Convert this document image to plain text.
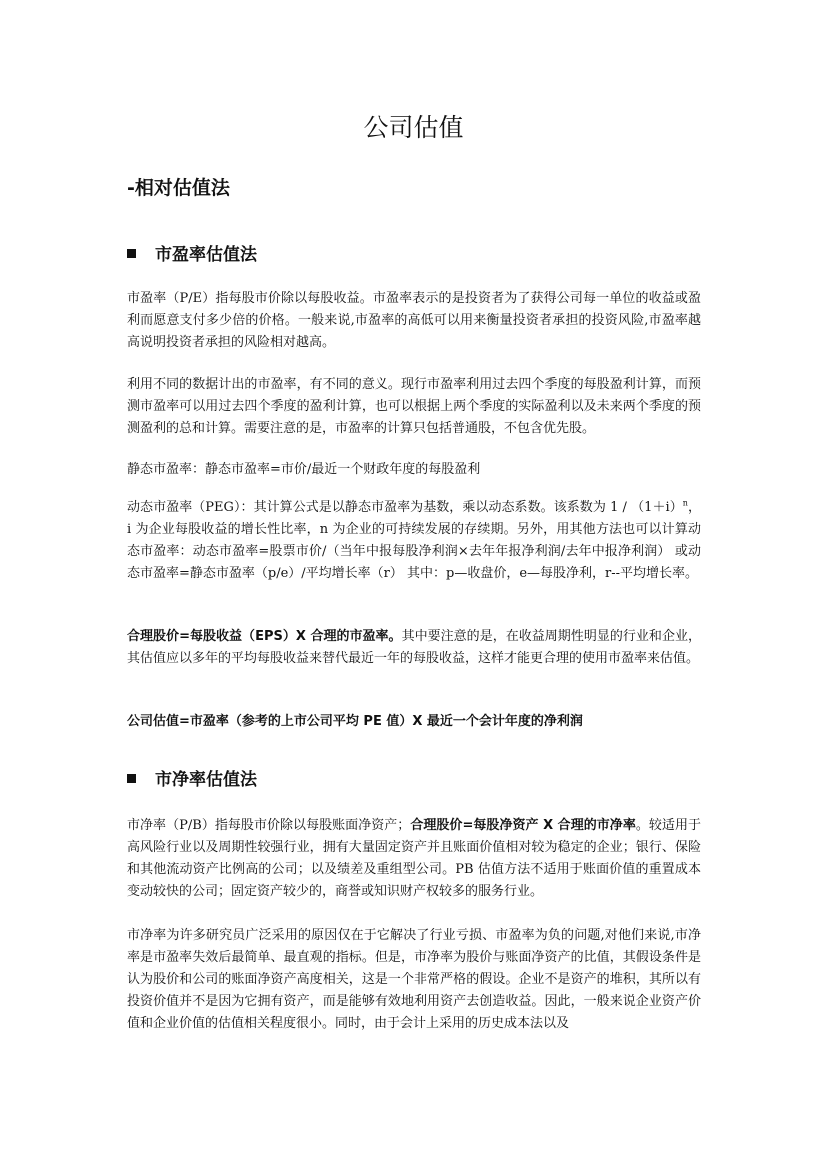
公司估值
-相对估值法
市盈率估值法

市盈率（P/E）指每股市价除以每股收益。市盈率表示的是投资者为了获得公司每一单位的收益或盈利而愿意支付多少倍的价格。一般来说,市盈率的高低可以用来衡量投资者承担的投资风险,市盈率越高说明投资者承担的风险相对越高。

利用不同的数据计出的市盈率，有不同的意义。现行市盈率利用过去四个季度的每股盈利计算，而预测市盈率可以用过去四个季度的盈利计算，也可以根据上两个季度的实际盈利以及未来两个季度的预测盈利的总和计算。需要注意的是，市盈率的计算只包括普通股，不包含优先股。

静态市盈率：静态市盈率=市价/最近一个财政年度的每股盈利

动态市盈率（PEG）：其计算公式是以静态市盈率为基数，乘以动态系数。该系数为 $1 / (1+i)^n$，i 为企业每股收益的增长性比率，n 为企业的可持续发展的存续期。另外，用其他方法也可以计算动态市盈率：动态市盈率=股票市价/（当年中报每股净利润×去年年报净利润/去年中报净利润） 或动态市盈率=静态市盈率（p/e）/平均增长率（r） 其中：p—收盘价，e—每股净利，r--平均增长率。

合理股价=每股收益（EPS）X 合理的市盈率。其中要注意的是，在收益周期性明显的行业和企业，其估值应以多年的平均每股收益来替代最近一年的每股收益，这样才能更合理的使用市盈率来估值。

公司估值=市盈率（参考的上市公司平均 PE 值）X 最近一个会计年度的净利润

市净率估值法

市净率（P/B）指每股市价除以每股账面净资产；合理股价=每股净资产 X 合理的市净率。较适用于高风险行业以及周期性较强行业，拥有大量固定资产并且账面价值相对较为稳定的企业；银行、保险和其他流动资产比例高的公司；以及绩差及重组型公司。PB 估值方法不适用于账面价值的重置成本变动较快的公司；固定资产较少的，商誉或知识财产权较多的服务行业。

市净率为许多研究员广泛采用的原因仅在于它解决了行业亏损、市盈率为负的问题,对他们来说,市净率是市盈率失效后最简单、最直观的指标。但是，市净率为股价与账面净资产的比值，其假设条件是认为股价和公司的账面净资产高度相关，这是一个非常严格的假设。企业不是资产的堆积，其所以有投资价值并不是因为它拥有资产，而是能够有效地利用资产去创造收益。因此，一般来说企业资产价值和企业价值的估值相关程度很小。同时，由于会计上采用的历史成本法以及
